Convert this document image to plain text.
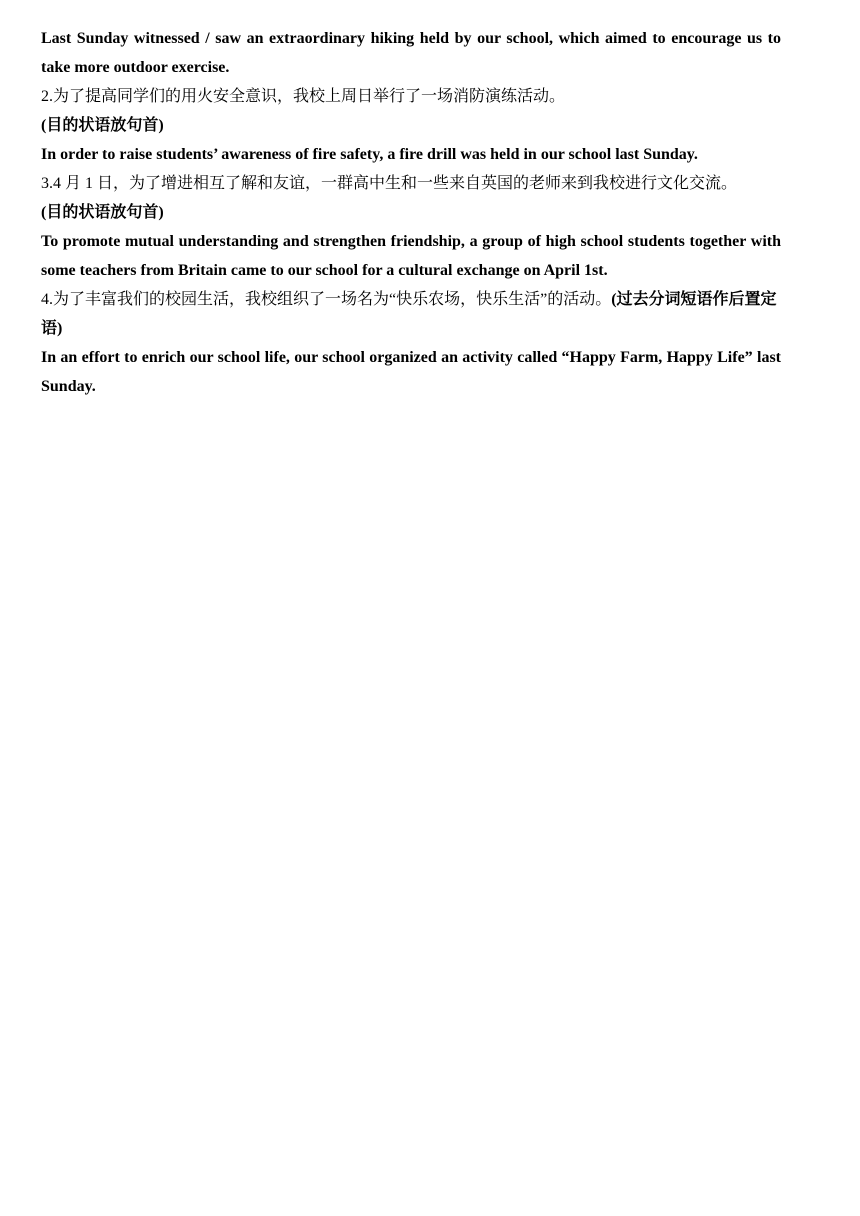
Last Sunday witnessed / saw an extraordinary hiking held by our school, which aimed to encourage us to take more outdoor exercise.

2.为了提高同学们的用火安全意识，我校上周日举行了一场消防演练活动。

(目的状语放句首)

In order to raise students’ awareness of fire safety, a fire drill was held in our school last Sunday.

3.4 月 1 日，为了增进相互了解和友谊，一群高中生和一些来自英国的老师来到我校进行文化交流。

(目的状语放句首)

To promote mutual understanding and strengthen friendship, a group of high school students together with some teachers from Britain came to our school for a cultural exchange on April 1st.

4.为了丰富我们的校园生活，我校组织了一场名为“快乐农场，快乐生活”的活动。(过去分词短语作后置定语)

In an effort to enrich our school life, our school organized an activity called “Happy Farm, Happy Life” last Sunday.
